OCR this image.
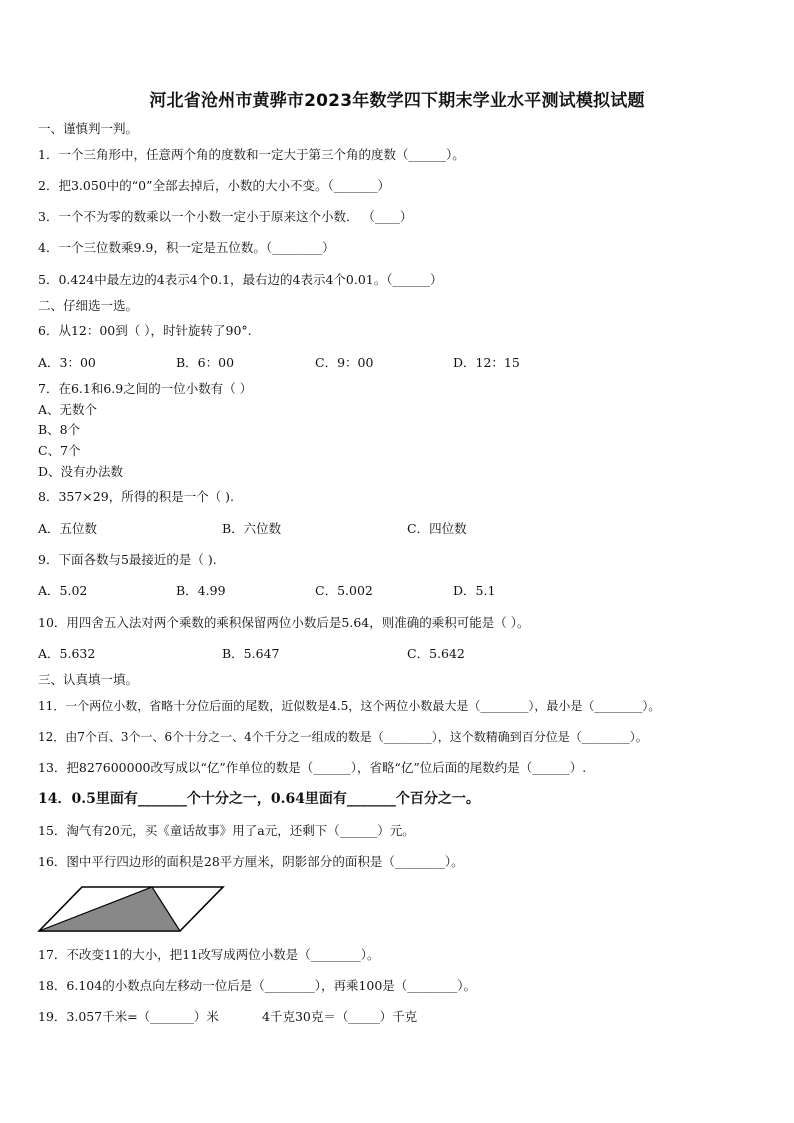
河北省沧州市黄骅市2023年数学四下期末学业水平测试模拟试题
一、谨慎判一判。
1．一个三角形中，任意两个角的度数和一定大于第三个角的度数（______）。
2．把3.050中的“0”全部去掉后，小数的大小不变。（_______）
3．一个不为零的数乘以一个小数一定小于原来这个小数． （____）
4．一个三位数乘9.9，积一定是五位数。（________）
5．0.424中最左边的4表示4个0.1，最右边的4表示4个0.01。（______）
二、仔细选一选。
6．从12：00到（ ），时针旋转了90°.
A．3：00	B．6：00	C．9：00	D．12：15
7．在6.1和6.9之间的一位小数有（ ）
A、无数个
B、8个
C、7个
D、没有办法数
8．357×29，所得的积是一个（ ).
A．五位数	B．六位数	C．四位数
9．下面各数与5最接近的是（ ).
A．5.02	B．4.99	C．5.002	D．5.1
10．用四舍五入法对两个乘数的乘积保留两位小数后是5.64，则准确的乘积可能是（ ）。
A．5.632	B．5.647	C．5.642
三、认真填一填。
11．一个两位小数，省略十分位后面的尾数，近似数是4.5，这个两位小数最大是（________），最小是（________）。
12．由7个百、3个一、6个十分之一、4个千分之一组成的数是（________），这个数精确到百分位是（________）。
13．把827600000改写成以“亿”作单位的数是（______），省略“亿”位后面的尾数约是（______）.
14．0.5里面有_______个十分之一，0.64里面有_______个百分之一。
15．淘气有20元，买《童话故事》用了a元，还剩下（______）元。
16．图中平行四边形的面积是28平方厘米，阴影部分的面积是（________）。
17．不改变11的大小，把11改写成两位小数是（________）。
18．6.104的小数点向左移动一位后是（________），再乘100是（________）。
19．3.057千米=（_______）米	4千克30克＝（_____）千克
